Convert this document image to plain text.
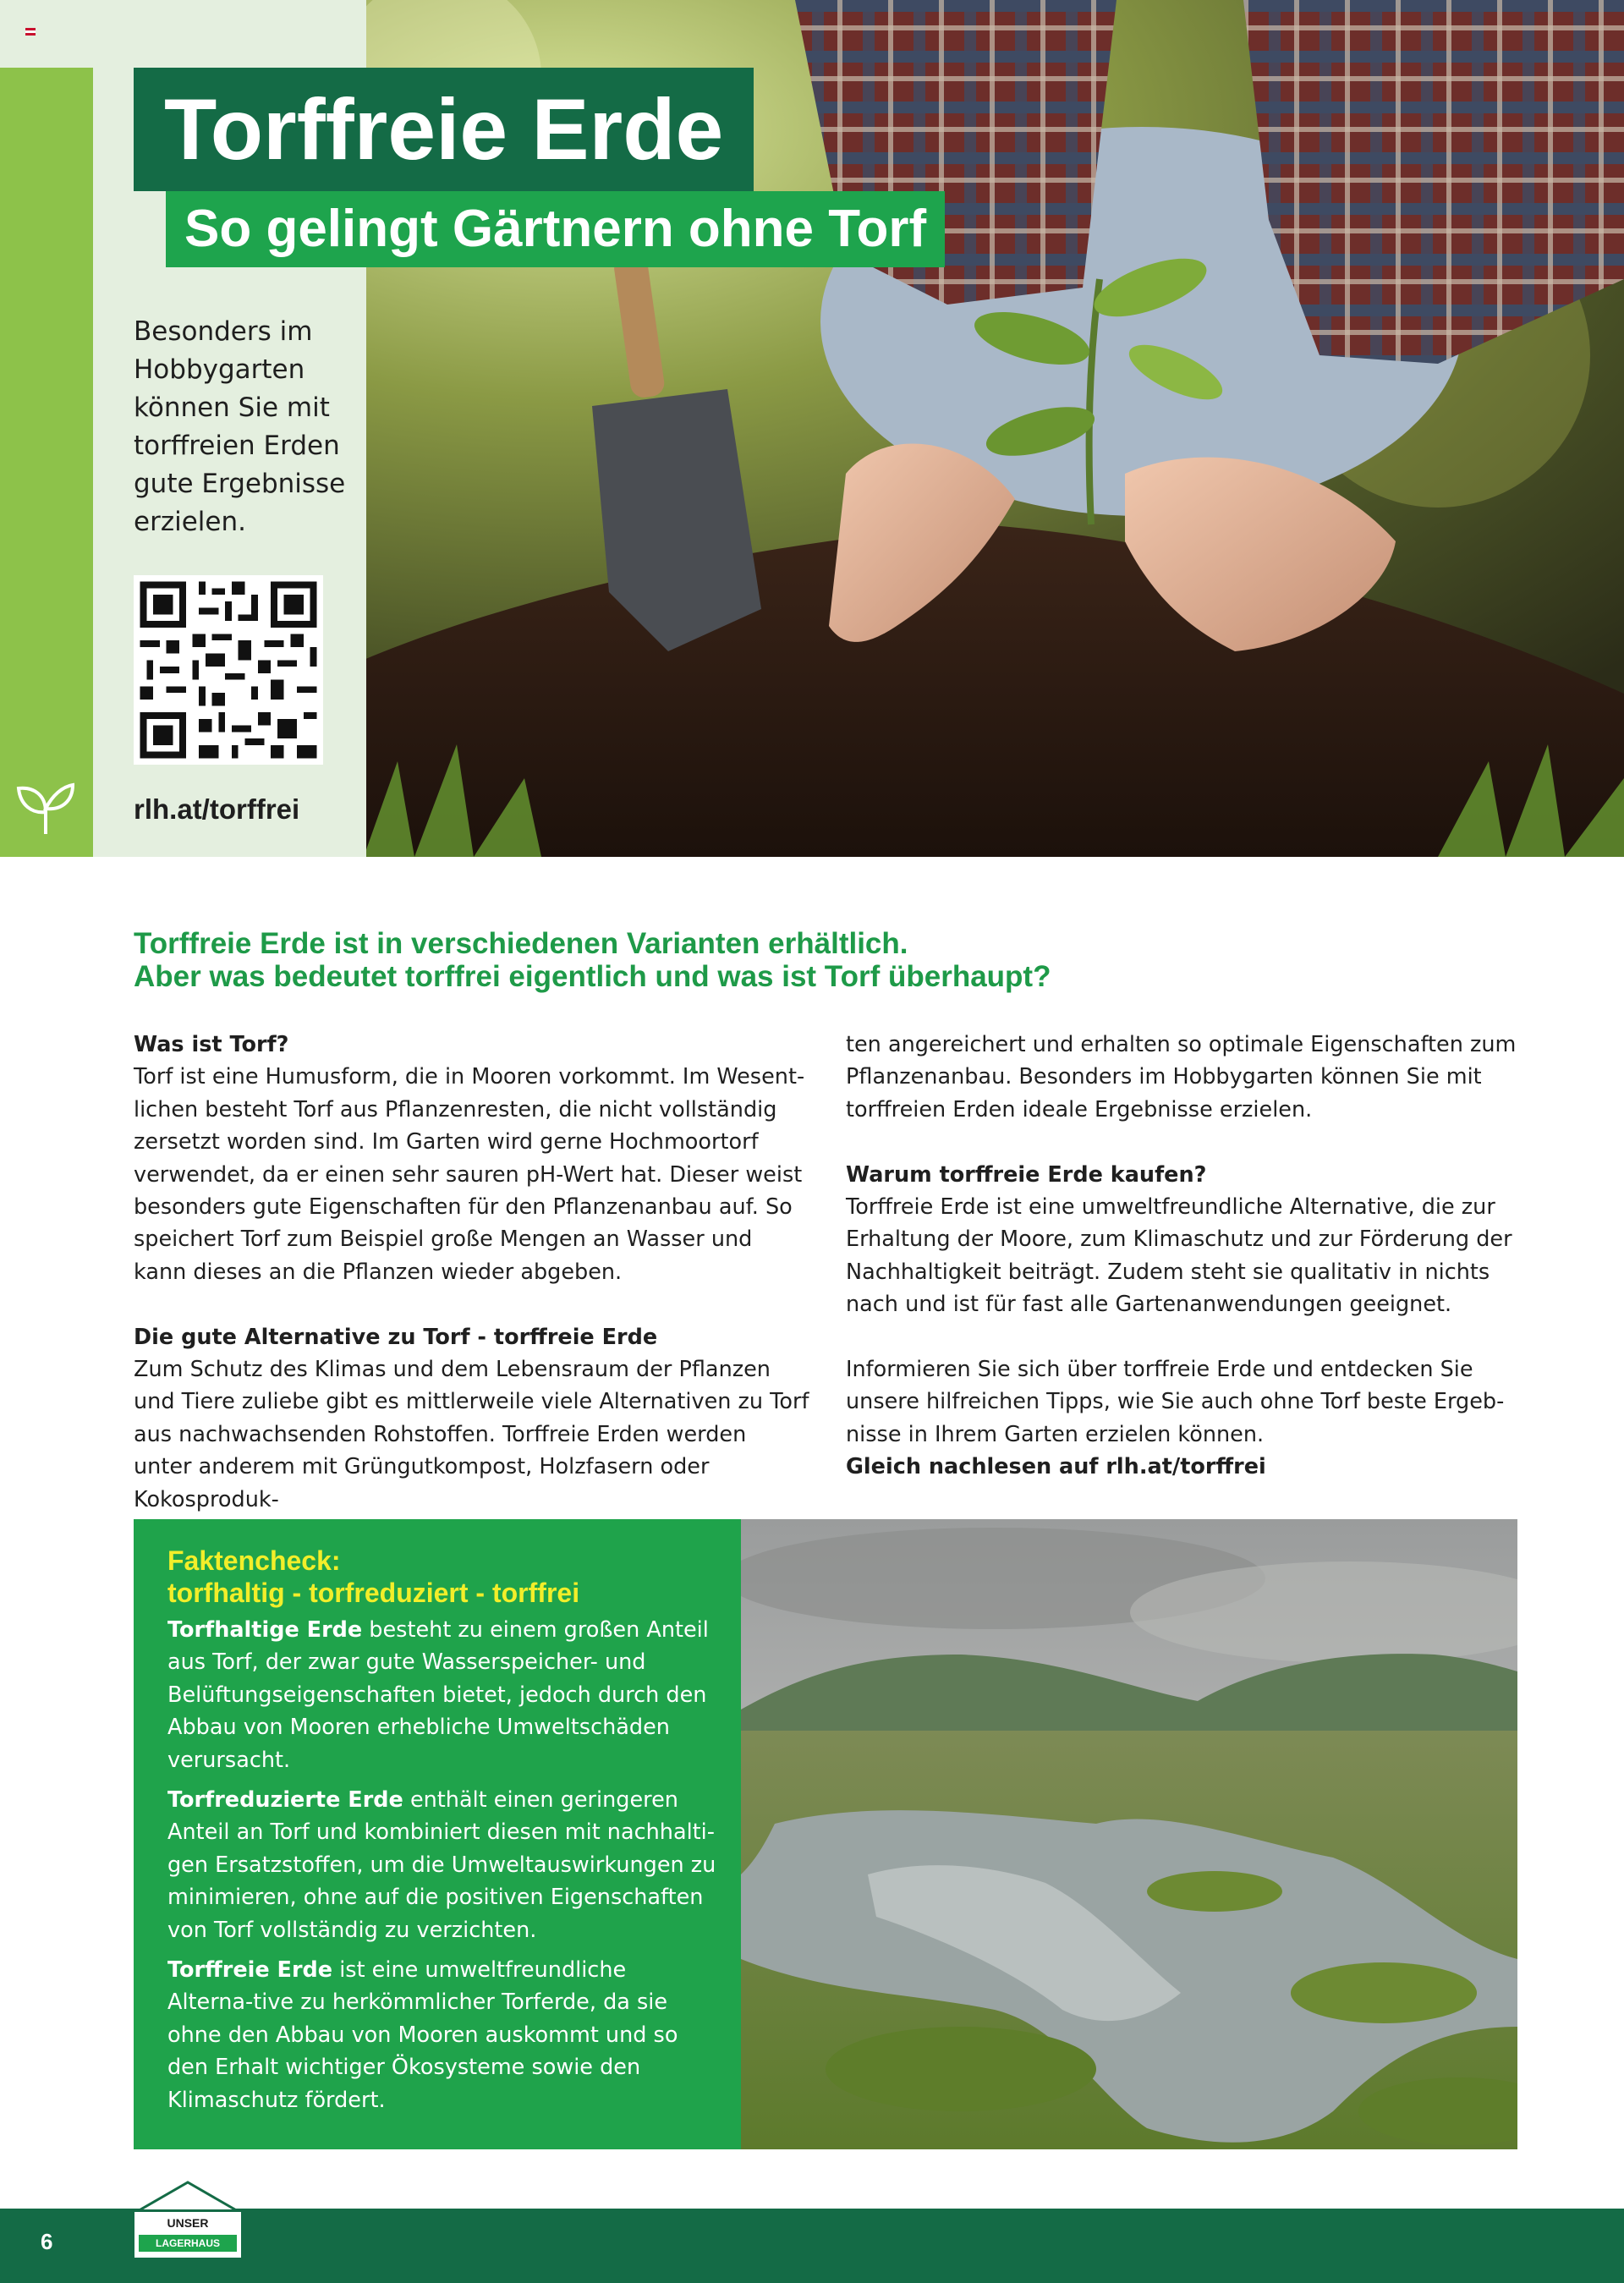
Torffreie Erde
So gelingt Gärtnern ohne Torf
Besonders im Hobbygarten können Sie mit torffreien Erden gute Ergebnisse erzielen.
rlh.at/torffrei
Torffreie Erde ist in verschiedenen Varianten erhältlich.
Aber was bedeutet torffrei eigentlich und was ist Torf überhaupt?

Was ist Torf?

Torf ist eine Humusform, die in Mooren vorkommt. Im Wesent-lichen besteht Torf aus Pflanzenresten, die nicht vollständig zersetzt worden sind. Im Garten wird gerne Hochmoortorf verwendet, da er einen sehr sauren pH-Wert hat. Dieser weist besonders gute Eigenschaften für den Pflanzenanbau auf. So speichert Torf zum Beispiel große Mengen an Wasser und kann dieses an die Pflanzen wieder abgeben.

Die gute Alternative zu Torf - torffreie Erde

Zum Schutz des Klimas und dem Lebensraum der Pflanzen und Tiere zuliebe gibt es mittlerweile viele Alternativen zu Torf aus nachwachsenden Rohstoffen. Torffreie Erden werden unter anderem mit Grüngutkompost, Holzfasern oder Kokosproduk-

ten angereichert und erhalten so optimale Eigenschaften zum Pflanzenanbau. Besonders im Hobbygarten können Sie mit torffreien Erden ideale Ergebnisse erzielen.

Warum torffreie Erde kaufen?

Torffreie Erde ist eine umweltfreundliche Alternative, die zur Erhaltung der Moore, zum Klimaschutz und zur Förderung der Nachhaltigkeit beiträgt. Zudem steht sie qualitativ in nichts nach und ist für fast alle Gartenanwendungen geeignet.

Informieren Sie sich über torffreie Erde und entdecken Sie unsere hilfreichen Tipps, wie Sie auch ohne Torf beste Ergeb-nisse in Ihrem Garten erzielen können.

Gleich nachlesen auf rlh.at/torffrei

Faktencheck:
torfhaltig - torfreduziert - torffrei

Torfhaltige Erde besteht zu einem großen Anteil aus Torf, der zwar gute Wasserspeicher- und Belüftungseigenschaften bietet, jedoch durch den Abbau von Mooren erhebliche Umweltschäden verursacht.

Torfreduzierte Erde enthält einen geringeren Anteil an Torf und kombiniert diesen mit nachhalti-gen Ersatzstoffen, um die Umweltauswirkungen zu minimieren, ohne auf die positiven Eigenschaften von Torf vollständig zu verzichten.

Torffreie Erde ist eine umweltfreundliche Alterna-tive zu herkömmlicher Torferde, da sie ohne den Abbau von Mooren auskommt und so den Erhalt wichtiger Ökosysteme sowie den Klimaschutz fördert.

6
UNSER
LAGERHAUS
